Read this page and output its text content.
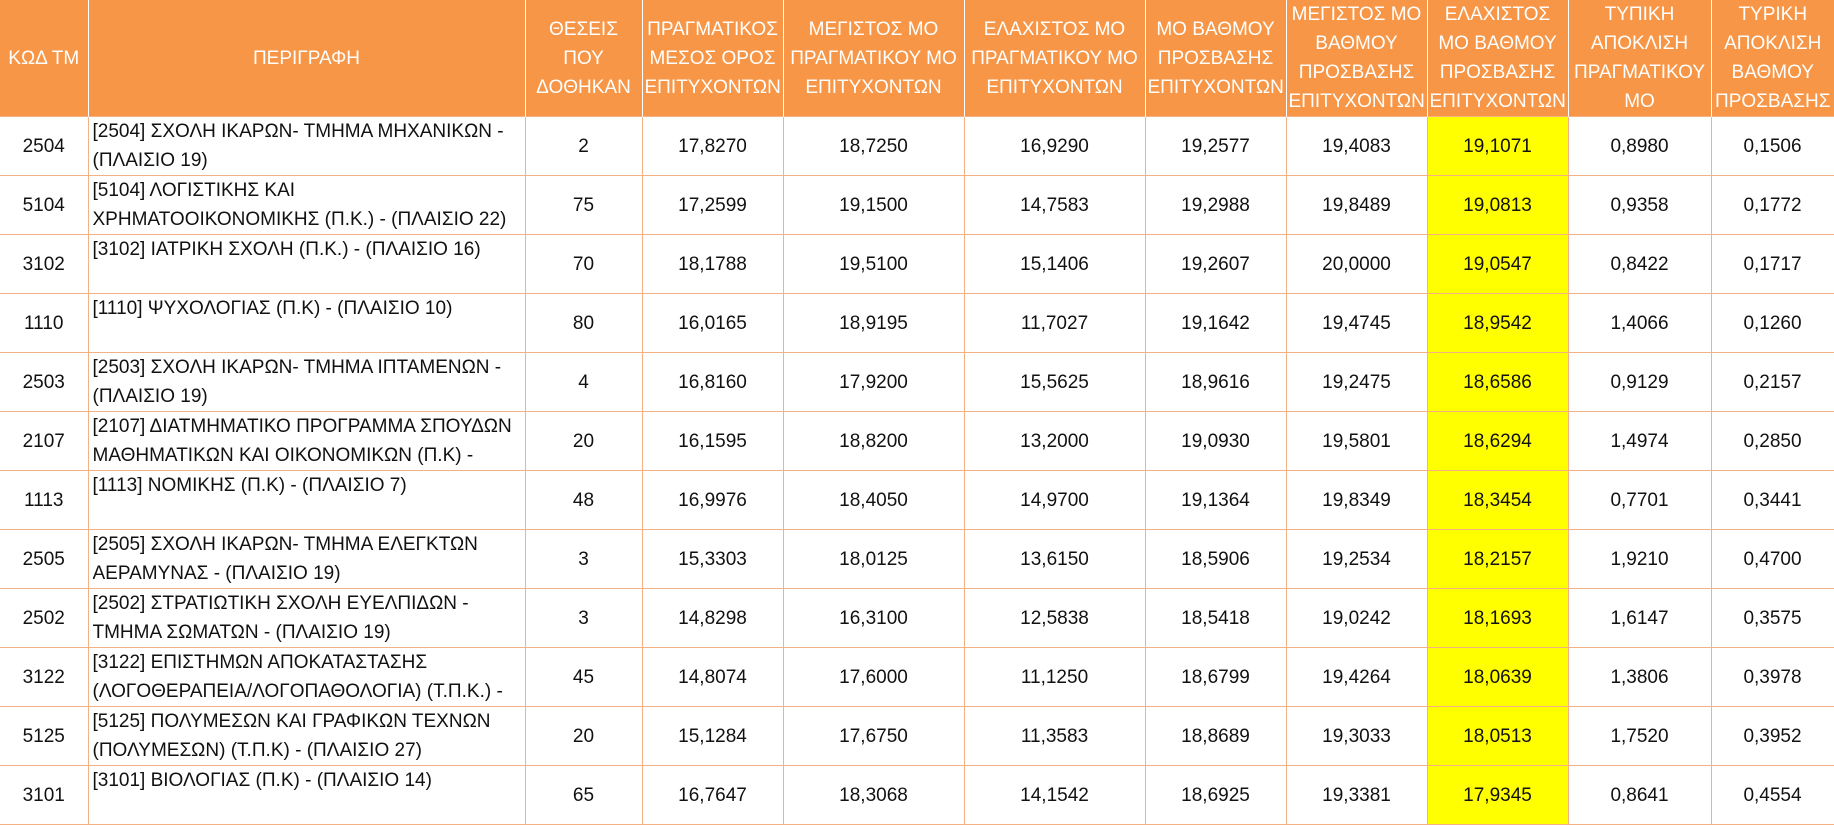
ΚΩΔ ΤΜ	ΠΕΡΙΓΡΑΦΗ	ΘΕΣΕΙΣ ΠΟΥ ΔΟΘΗΚΑΝ	ΠΡΑΓΜΑΤΙΚΟΣ ΜΕΣΟΣ ΟΡΟΣ ΕΠΙΤΥΧΟΝΤΩΝ	ΜΕΓΙΣΤΟΣ ΜΟ ΠΡΑΓΜΑΤΙΚΟΥ ΜΟ ΕΠΙΤΥΧΟΝΤΩΝ	ΕΛΑΧΙΣΤΟΣ ΜΟ ΠΡΑΓΜΑΤΙΚΟΥ ΜΟ ΕΠΙΤΥΧΟΝΤΩΝ	ΜΟ ΒΑΘΜΟΥ ΠΡΟΣΒΑΣΗΣ ΕΠΙΤΥΧΟΝΤΩΝ	ΜΕΓΙΣΤΟΣ ΜΟ ΒΑΘΜΟΥ ΠΡΟΣΒΑΣΗΣ ΕΠΙΤΥΧΟΝΤΩΝ	ΕΛΑΧΙΣΤΟΣ ΜΟ ΒΑΘΜΟΥ ΠΡΟΣΒΑΣΗΣ ΕΠΙΤΥΧΟΝΤΩΝ	ΤΥΠΙΚΗ ΑΠΟΚΛΙΣΗ ΠΡΑΓΜΑΤΙΚΟΥ ΜΟ	ΤΥΡΙΚΗ ΑΠΟΚΛΙΣΗ ΒΑΘΜΟΥ ΠΡΟΣΒΑΣΗΣ
2504	[2504] ΣΧΟΛΗ ΙΚΑΡΩΝ- ΤΜΗΜΑ ΜΗΧΑΝΙΚΩΝ - (ΠΛΑΙΣΙΟ 19)	2	17,8270	18,7250	16,9290	19,2577	19,4083	19,1071	0,8980	0,1506
5104	[5104] ΛΟΓΙΣΤΙΚΗΣ ΚΑΙ ΧΡΗΜΑΤΟΟΙΚΟΝΟΜΙΚΗΣ (Π.Κ.) - (ΠΛΑΙΣΙΟ 22)	75	17,2599	19,1500	14,7583	19,2988	19,8489	19,0813	0,9358	0,1772
3102	[3102] ΙΑΤΡΙΚΗ ΣΧΟΛΗ (Π.Κ.) - (ΠΛΑΙΣΙΟ 16)	70	18,1788	19,5100	15,1406	19,2607	20,0000	19,0547	0,8422	0,1717
1110	[1110] ΨΥΧΟΛΟΓΙΑΣ (Π.Κ) - (ΠΛΑΙΣΙΟ 10)	80	16,0165	18,9195	11,7027	19,1642	19,4745	18,9542	1,4066	0,1260
2503	[2503] ΣΧΟΛΗ ΙΚΑΡΩΝ- ΤΜΗΜΑ ΙΠΤΑΜΕΝΩΝ - (ΠΛΑΙΣΙΟ 19)	4	16,8160	17,9200	15,5625	18,9616	19,2475	18,6586	0,9129	0,2157
2107	[2107] ΔΙΑΤΜΗΜΑΤΙΚΟ ΠΡΟΓΡΑΜΜΑ ΣΠΟΥΔΩΝ ΜΑΘΗΜΑΤΙΚΩΝ ΚΑΙ ΟΙΚΟΝΟΜΙΚΩΝ (Π.Κ) -	20	16,1595	18,8200	13,2000	19,0930	19,5801	18,6294	1,4974	0,2850
1113	[1113] ΝΟΜΙΚΗΣ (Π.Κ) - (ΠΛΑΙΣΙΟ 7)	48	16,9976	18,4050	14,9700	19,1364	19,8349	18,3454	0,7701	0,3441
2505	[2505] ΣΧΟΛΗ ΙΚΑΡΩΝ- ΤΜΗΜΑ ΕΛΕΓΚΤΩΝ ΑΕΡΑΜΥΝΑΣ - (ΠΛΑΙΣΙΟ 19)	3	15,3303	18,0125	13,6150	18,5906	19,2534	18,2157	1,9210	0,4700
2502	[2502] ΣΤΡΑΤΙΩΤΙΚΗ ΣΧΟΛΗ ΕΥΕΛΠΙΔΩΝ - ΤΜΗΜΑ ΣΩΜΑΤΩΝ - (ΠΛΑΙΣΙΟ 19)	3	14,8298	16,3100	12,5838	18,5418	19,0242	18,1693	1,6147	0,3575
3122	[3122] ΕΠΙΣΤΗΜΩΝ ΑΠΟΚΑΤΑΣΤΑΣΗΣ (ΛΟΓΟΘΕΡΑΠΕΙΑ/ΛΟΓΟΠΑΘΟΛΟΓΙΑ) (Τ.Π.Κ.) -	45	14,8074	17,6000	11,1250	18,6799	19,4264	18,0639	1,3806	0,3978
5125	[5125] ΠΟΛΥΜΕΣΩΝ ΚΑΙ ΓΡΑΦΙΚΩΝ ΤΕΧΝΩΝ (ΠΟΛΥΜΕΣΩΝ) (Τ.Π.Κ) - (ΠΛΑΙΣΙΟ 27)	20	15,1284	17,6750	11,3583	18,8689	19,3033	18,0513	1,7520	0,3952
3101	[3101] ΒΙΟΛΟΓΙΑΣ (Π.Κ) - (ΠΛΑΙΣΙΟ 14)	65	16,7647	18,3068	14,1542	18,6925	19,3381	17,9345	0,8641	0,4554
